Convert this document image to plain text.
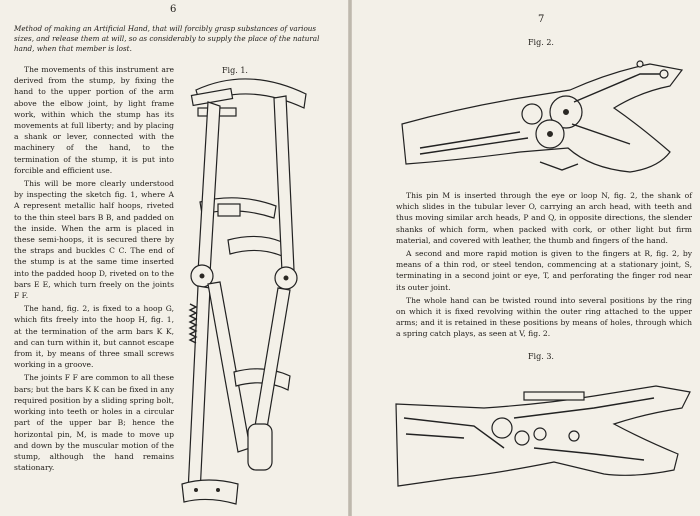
6
Method of making an Artificial Hand, that will forcibly grasp substances of various sizes, and release them at will, so as considerably to supply the place of the natural hand, when that member is lost.
Fig. 1.

The movements of this instrument are derived from the stump, by fixing the hand to the upper portion of the arm above the elbow joint, by light frame work, within which the stump has its movements at full liberty; and by placing a shank or lever, connected with the machinery of the hand, to the termination of the stump, it is put into forcible and efficient use.

This will be more clearly understood by inspecting the sketch fig. 1, where A A represent metallic half hoops, riveted to the thin steel bars B B, and padded on the inside. When the arm is placed in these semi-hoops, it is secured there by the straps and buckles C C. The end of the stump is at the same time inserted into the padded hoop D, riveted on to the bars E E, which turn freely on the joints F F.

The hand, fig. 2, is fixed to a hoop G, which fits freely into the hoop H, fig. 1, at the termination of the arm bars K K, and can turn within it, but cannot escape from it, by means of three small screws working in a groove.

The joints F F are common to all these bars; but the bars K K can be fixed in any required position by a sliding spring bolt, working into teeth or holes in a circular part of the upper bar B; hence the horizontal pin, M, is made to move up and down by the muscular motion of the stump, although the hand remains stationary.

7
Fig. 2.

This pin M is inserted through the eye or loop N, fig. 2, the shank of which slides in the tubular lever O, carrying an arch head, with teeth and thus moving similar arch heads, P and Q, in opposite directions, the slender shanks of which form, when packed with cork, or other light but firm material, and covered with leather, the thumb and fingers of the hand.

A second and more rapid motion is given to the fingers at R, fig. 2, by means of a thin rod, or steel tendon, commencing at a stationary joint, S, terminating in a second joint or eye, T, and perforating the finger rod near its outer joint.

The whole hand can be twisted round into several positions by the ring on which it is fixed revolving within the outer ring attached to the upper arms; and it is retained in these positions by means of holes, through which a spring catch plays, as seen at V, fig. 2.

Fig. 3.
